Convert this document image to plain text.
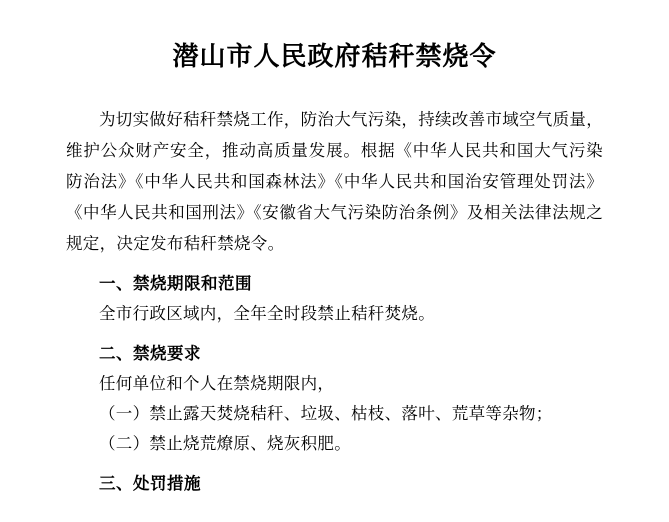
潜山市人民政府秸秆禁烧令

为切实做好秸秆禁烧工作，防治大气污染，持续改善市域空气质量，维护公众财产安全，推动高质量发展。根据《中华人民共和国大气污染防治法》《中华人民共和国森林法》《中华人民共和国治安管理处罚法》《中华人民共和国刑法》《安徽省大气污染防治条例》及相关法律法规之规定，决定发布秸秆禁烧令。

一、禁烧期限和范围

全市行政区域内，全年全时段禁止秸秆焚烧。

二、禁烧要求

任何单位和个人在禁烧期限内，

（一）禁止露天焚烧秸秆、垃圾、枯枝、落叶、荒草等杂物；

（二）禁止烧荒燎原、烧灰积肥。

三、处罚措施
